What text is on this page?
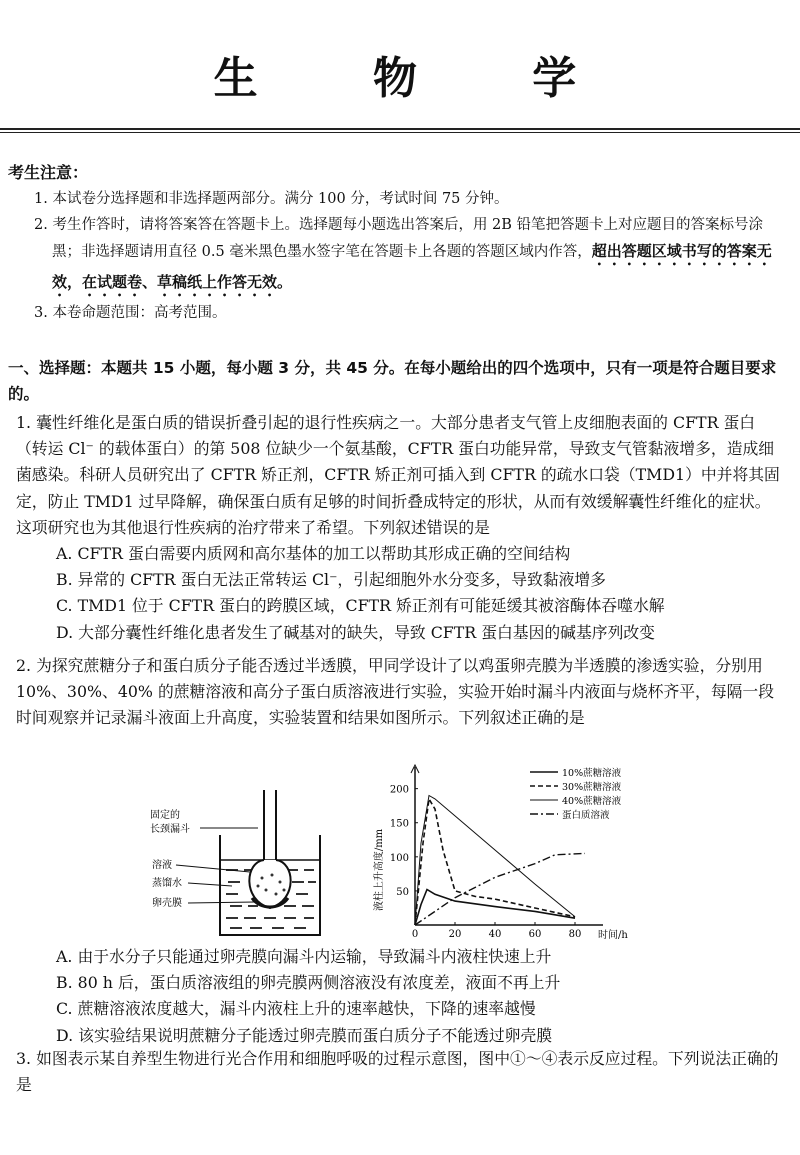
生 物 学
考生注意：
1. 本试卷分选择题和非选择题两部分。满分 100 分，考试时间 75 分钟。
2. 考生作答时，请将答案答在答题卡上。选择题每小题选出答案后，用 2B 铅笔把答题卡上对应题目的答案标号涂黑；非选择题请用直径 0.5 毫米黑色墨水签字笔在答题卡上各题的答题区域内作答，超出答题区域书写的答案无效，在试题卷、草稿纸上作答无效。
3. 本卷命题范围：高考范围。
一、选择题：本题共 15 小题，每小题 3 分，共 45 分。在每小题给出的四个选项中，只有一项是符合题目要求的。
1. 囊性纤维化是蛋白质的错误折叠引起的退行性疾病之一。大部分患者支气管上皮细胞表面的 CFTR 蛋白（转运 Cl⁻ 的载体蛋白）的第 508 位缺少一个氨基酸，CFTR 蛋白功能异常，导致支气管黏液增多，造成细菌感染。科研人员研究出了 CFTR 矫正剂，CFTR 矫正剂可插入到 CFTR 的疏水口袋（TMD1）中并将其固定，防止 TMD1 过早降解，确保蛋白质有足够的时间折叠成特定的形状，从而有效缓解囊性纤维化的症状。这项研究也为其他退行性疾病的治疗带来了希望。下列叙述错误的是
A. CFTR 蛋白需要内质网和高尔基体的加工以帮助其形成正确的空间结构
B. 异常的 CFTR 蛋白无法正常转运 Cl⁻，引起细胞外水分变多，导致黏液增多
C. TMD1 位于 CFTR 蛋白的跨膜区域，CFTR 矫正剂有可能延缓其被溶酶体吞噬水解
D. 大部分囊性纤维化患者发生了碱基对的缺失，导致 CFTR 蛋白基因的碱基序列改变
2. 为探究蔗糖分子和蛋白质分子能否透过半透膜，甲同学设计了以鸡蛋卵壳膜为半透膜的渗透实验，分别用 10%、30%、40% 的蔗糖溶液和高分子蛋白质溶液进行实验，实验开始时漏斗内液面与烧杯齐平，每隔一段时间观察并记录漏斗液面上升高度，实验装置和结果如图所示。下列叙述正确的是
固定的
长颈漏斗
溶液
蒸馏水
卵壳膜	液柱上升高度/mm
时间/h
0	20	40	60	80
50
100
150
200
10%蔗糖溶液
30%蔗糖溶液
40%蔗糖溶液
蛋白质溶液
A. 由于水分子只能通过卵壳膜向漏斗内运输，导致漏斗内液柱快速上升
B. 80 h 后，蛋白质溶液组的卵壳膜两侧溶液没有浓度差，液面不再上升
C. 蔗糖溶液浓度越大，漏斗内液柱上升的速率越快，下降的速率越慢
D. 该实验结果说明蔗糖分子能透过卵壳膜而蛋白质分子不能透过卵壳膜
3. 如图表示某自养型生物进行光合作用和细胞呼吸的过程示意图，图中①～④表示反应过程。下列说法正确的是
